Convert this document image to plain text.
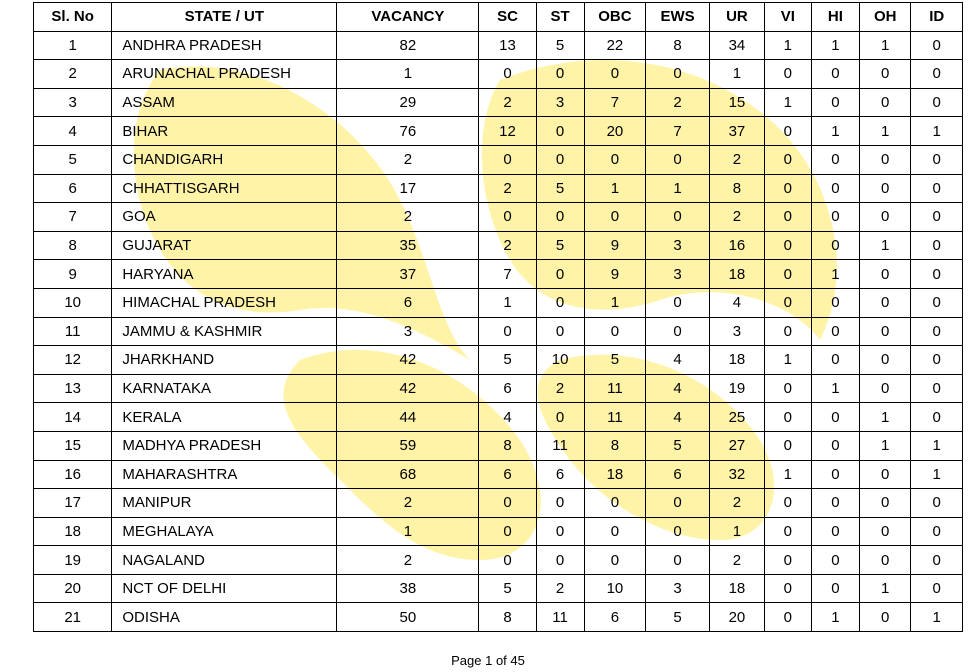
Sl. No	STATE / UT	VACANCY	SC	ST	OBC	EWS	UR	VI	HI	OH	ID
1	ANDHRA PRADESH	82	13	5	22	8	34	1	1	1	0
2	ARUNACHAL PRADESH	1	0	0	0	0	1	0	0	0	0
3	ASSAM	29	2	3	7	2	15	1	0	0	0
4	BIHAR	76	12	0	20	7	37	0	1	1	1
5	CHANDIGARH	2	0	0	0	0	2	0	0	0	0
6	CHHATTISGARH	17	2	5	1	1	8	0	0	0	0
7	GOA	2	0	0	0	0	2	0	0	0	0
8	GUJARAT	35	2	5	9	3	16	0	0	1	0
9	HARYANA	37	7	0	9	3	18	0	1	0	0
10	HIMACHAL PRADESH	6	1	0	1	0	4	0	0	0	0
11	JAMMU & KASHMIR	3	0	0	0	0	3	0	0	0	0
12	JHARKHAND	42	5	10	5	4	18	1	0	0	0
13	KARNATAKA	42	6	2	11	4	19	0	1	0	0
14	KERALA	44	4	0	11	4	25	0	0	1	0
15	MADHYA PRADESH	59	8	11	8	5	27	0	0	1	1
16	MAHARASHTRA	68	6	6	18	6	32	1	0	0	1
17	MANIPUR	2	0	0	0	0	2	0	0	0	0
18	MEGHALAYA	1	0	0	0	0	1	0	0	0	0
19	NAGALAND	2	0	0	0	0	2	0	0	0	0
20	NCT OF DELHI	38	5	2	10	3	18	0	0	1	0
21	ODISHA	50	8	11	6	5	20	0	1	0	1
Page 1 of 45
